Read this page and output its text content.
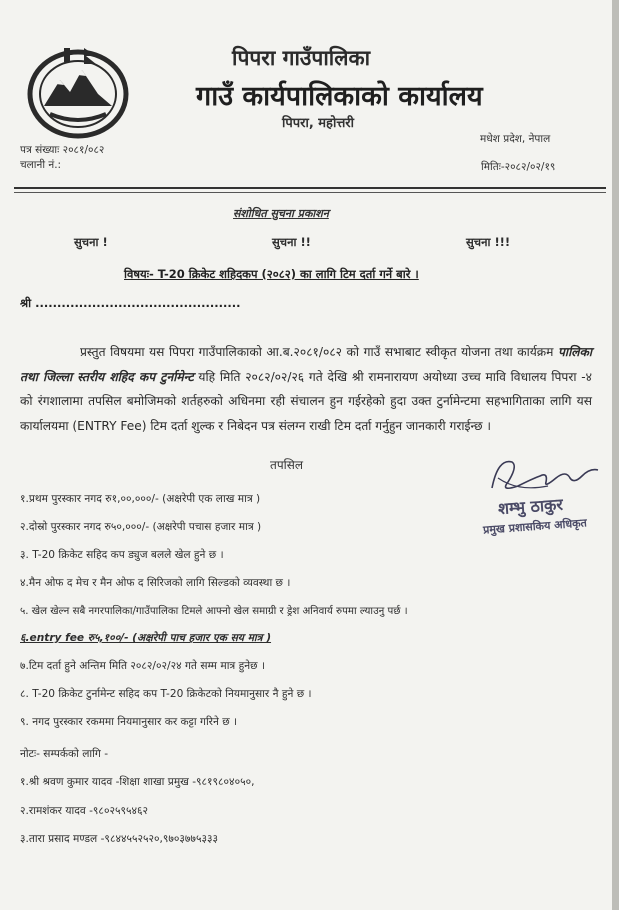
पिपरा गाउँपालिका
गाउँ कार्यपालिकाको कार्यालय
पिपरा, महोत्तरी
मधेश प्रदेश, नेपाल
पत्र संख्याः २०८१/०८२
चलानी नं.:	मितिः-२०८२/०२/१९
संशोधित सुचना प्रकाशन
सुचना !	सुचना !!	सुचना !!!
विषयः- T-20 क्रिकेट शहिदकप (२०८२) का लागि टिम दर्ता गर्ने बारे ।
श्री ...............................................
प्रस्तुत विषयमा यस पिपरा गाउँपालिकाको आ.ब.२०८१/०८२ को गाउँ सभाबाट स्वीकृत योजना तथा कार्यक्रम पालिका तथा जिल्ला स्तरीय शहिद कप टुर्नामेन्ट यहि मिति २०८२/०२/२६ गते देखि श्री रामनारायण अयोध्या उच्च मावि विधालय पिपरा -४ को रंगशालामा तपसिल बमोजिमको शर्तहरुको अधिनमा रही संचालन हुन गईरहेको हुदा उक्त टुर्नामेन्टमा सहभागिताका लागि यस कार्यालयमा (ENTRY Fee) टिम दर्ता शुल्क र निबेदन पत्र संलग्न राखी टिम दर्ता गर्नुहुन जानकारी गराईन्छ ।
तपसिल
शम्भु ठाकुर
प्रमुख प्रशासकिय अधिकृत
१.प्रथम पुरस्कार नगद रु१,००,०००/- (अक्षरेपी एक लाख मात्र )
२.दोस्रो पुरस्कार नगद रु५०,०००/- (अक्षरेपी पचास हजार मात्र )
३. T-20 क्रिकेट सहिद कप ड्युज बलले खेल हुने छ ।
४.मैन ओफ द मेच र मैन ओफ द सिरिजको लागि सिल्डको व्यवस्था छ ।
५. खेल खेल्न सबै नगरपालिका/गाउँपालिका टिमले आफ्नो खेल समाग्री र ड्रेश अनिवार्य रुपमा ल्याउनु पर्छ ।
६.entry fee रु५,१००/- (अक्षरेपी पाच हजार एक सय मात्र )
७.टिम दर्ता हुने अन्तिम मिति २०८२/०२/२४ गते सम्म मात्र हुनेछ ।
८. T-20 क्रिकेट टुर्नामेन्ट सहिद कप T-20 क्रिकेटको नियमानुसार नै हुने छ ।
९. नगद पुरस्कार रकममा नियमानुसार कर कट्टा गरिने छ ।
नोटः- सम्पर्कको लागि -
१.श्री श्रवण कुमार यादव -शिक्षा शाखा प्रमुख -९८१९८०४०५०,
२.रामशंकर यादव -९८०२५९५४६२
३.तारा प्रसाद मण्डल -९८४४५५२५२०,९७०३७७५३३३
